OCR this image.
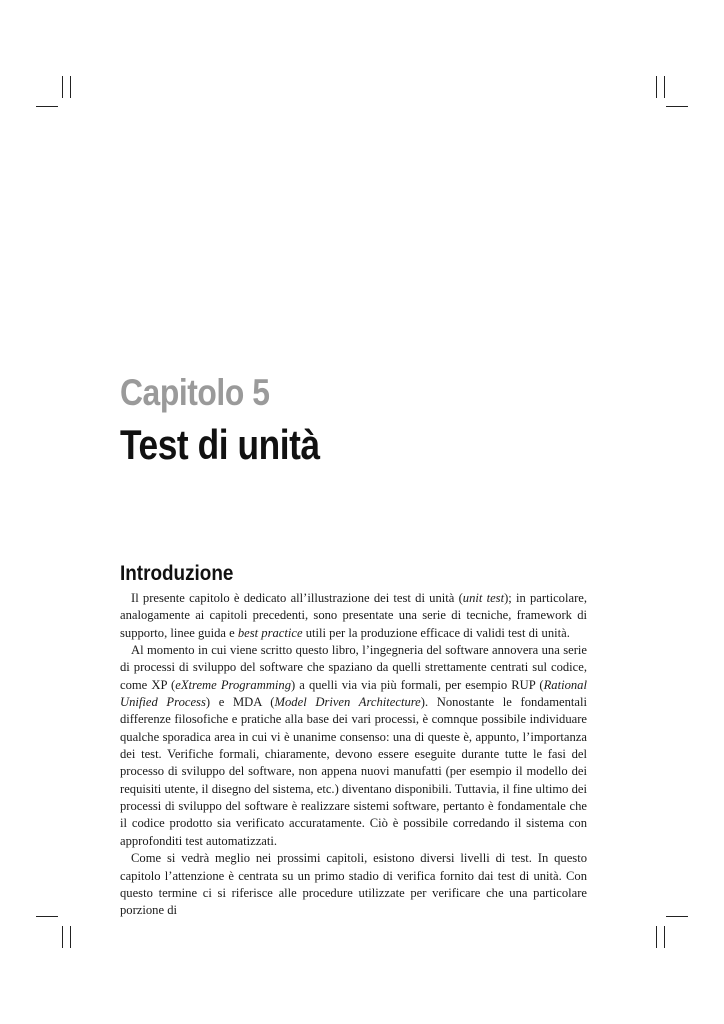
Capitolo 5
Test di unità
Introduzione

Il presente capitolo è dedicato all’illustrazione dei test di unità (unit test); in particolare, analogamente ai capitoli precedenti, sono presentate una serie di tecniche, framework di supporto, linee guida e best practice utili per la produzione efficace di validi test di unità.

Al momento in cui viene scritto questo libro, l’ingegneria del software annovera una serie di processi di sviluppo del software che spaziano da quelli strettamente centrati sul codice, come XP (eXtreme Programming) a quelli via via più formali, per esempio RUP (Rational Unified Process) e MDA (Model Driven Architecture). Nonostante le fondamentali differenze filosofiche e pratiche alla base dei vari processi, è comnque possibile individuare qualche sporadica area in cui vi è unanime consenso: una di queste è, appunto, l’importanza dei test. Verifiche formali, chiaramente, devono essere eseguite durante tutte le fasi del processo di sviluppo del software, non appena nuovi manufatti (per esempio il modello dei requisiti utente, il disegno del sistema, etc.) diventano disponibili. Tuttavia, il fine ultimo dei processi di sviluppo del software è realizzare sistemi software, pertanto è fondamentale che il codice prodotto sia verificato accuratamente. Ciò è possibile corredando il sistema con approfonditi test automatizzati.

Come si vedrà meglio nei prossimi capitoli, esistono diversi livelli di test. In questo capitolo l’attenzione è centrata su un primo stadio di verifica fornito dai test di unità. Con questo termine ci si riferisce alle procedure utilizzate per verificare che una particolare porzione di
